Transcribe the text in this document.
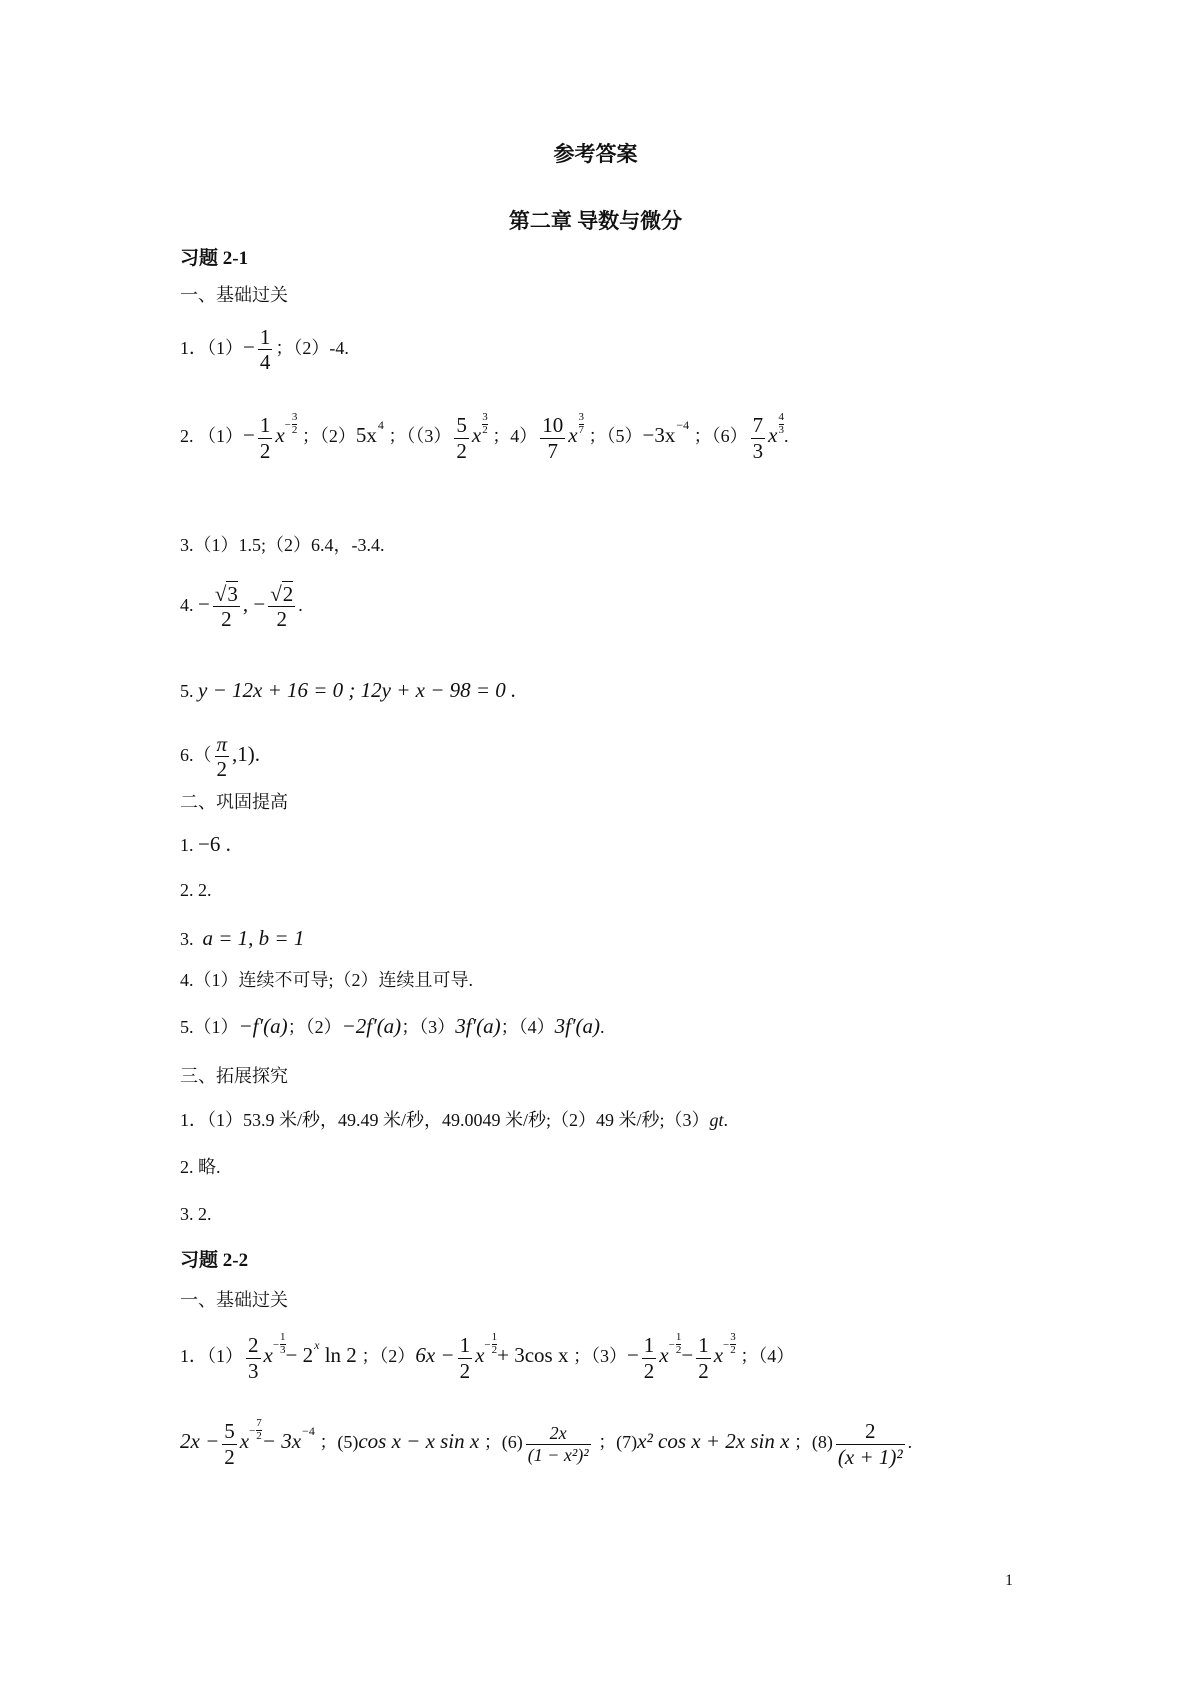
参考答案
第二章 导数与微分
习题 2-1
一、基础过关
1．$(1)- \frac{1}{4}$ ；（2）-4.
2. $(1)- \frac{1}{2} x- \frac{3}{2}$
；$(2)5x^4$ ；（$(3) \frac{5}{2}$ x $\frac{3}{2}$
；$4) \frac{10}{7}$ x $\frac{3}{7}$
；$(5)-3x^{-4}$ ；$(6) \frac{7}{3}$ x $\frac{4}{3}$
.
3.（1）1.5;（2）6.4，-3.4.
4. − $\frac{√3}{2}$ , − $\frac{√2}{2}$ .
5. y − 12x + 16 = 0 ; 12y + x − 98 = 0 .
$6.( \frac{\pi}{2} ,1)$.
二、巩固提高
1. −6 .
2. 2.
3. a = 1, b = 1
4.（1）连续不可导;（2）连续且可导.
5.（1）−f′(a)；（2）−2f′(a)；（3）3f′(a)；（4）3f′(a).
三、拓展探究
1．（1）53.9 米/秒，49.49 米/秒，49.0049 米/秒;（2）49 米/秒;（3）gt.
2. 略.
3. 2.
习题 2-2
一、基础过关
1．$(1) \frac{2}{3} x- \frac{1}{3} - 2^x$ ln 2 ；$(2)6x - \frac{1}{2} x- \frac{1}{2} + 3\cos$ x ；$(3)- \frac{1}{2} x- \frac{1}{2} - \frac{1}{2} x- \frac{3}{2}$
；（4）
$2x - \frac{5}{2} x- \frac{7}{2} - 3x^{-4}$ ；(5)cos x − x sin x ；$(6) \frac{2x}{\text{(1 − x²)²}}$ ；(7)x² cos x + 2x sin x ；$(8) \frac{2}{\text{(x + 1)²}}$ .
1
